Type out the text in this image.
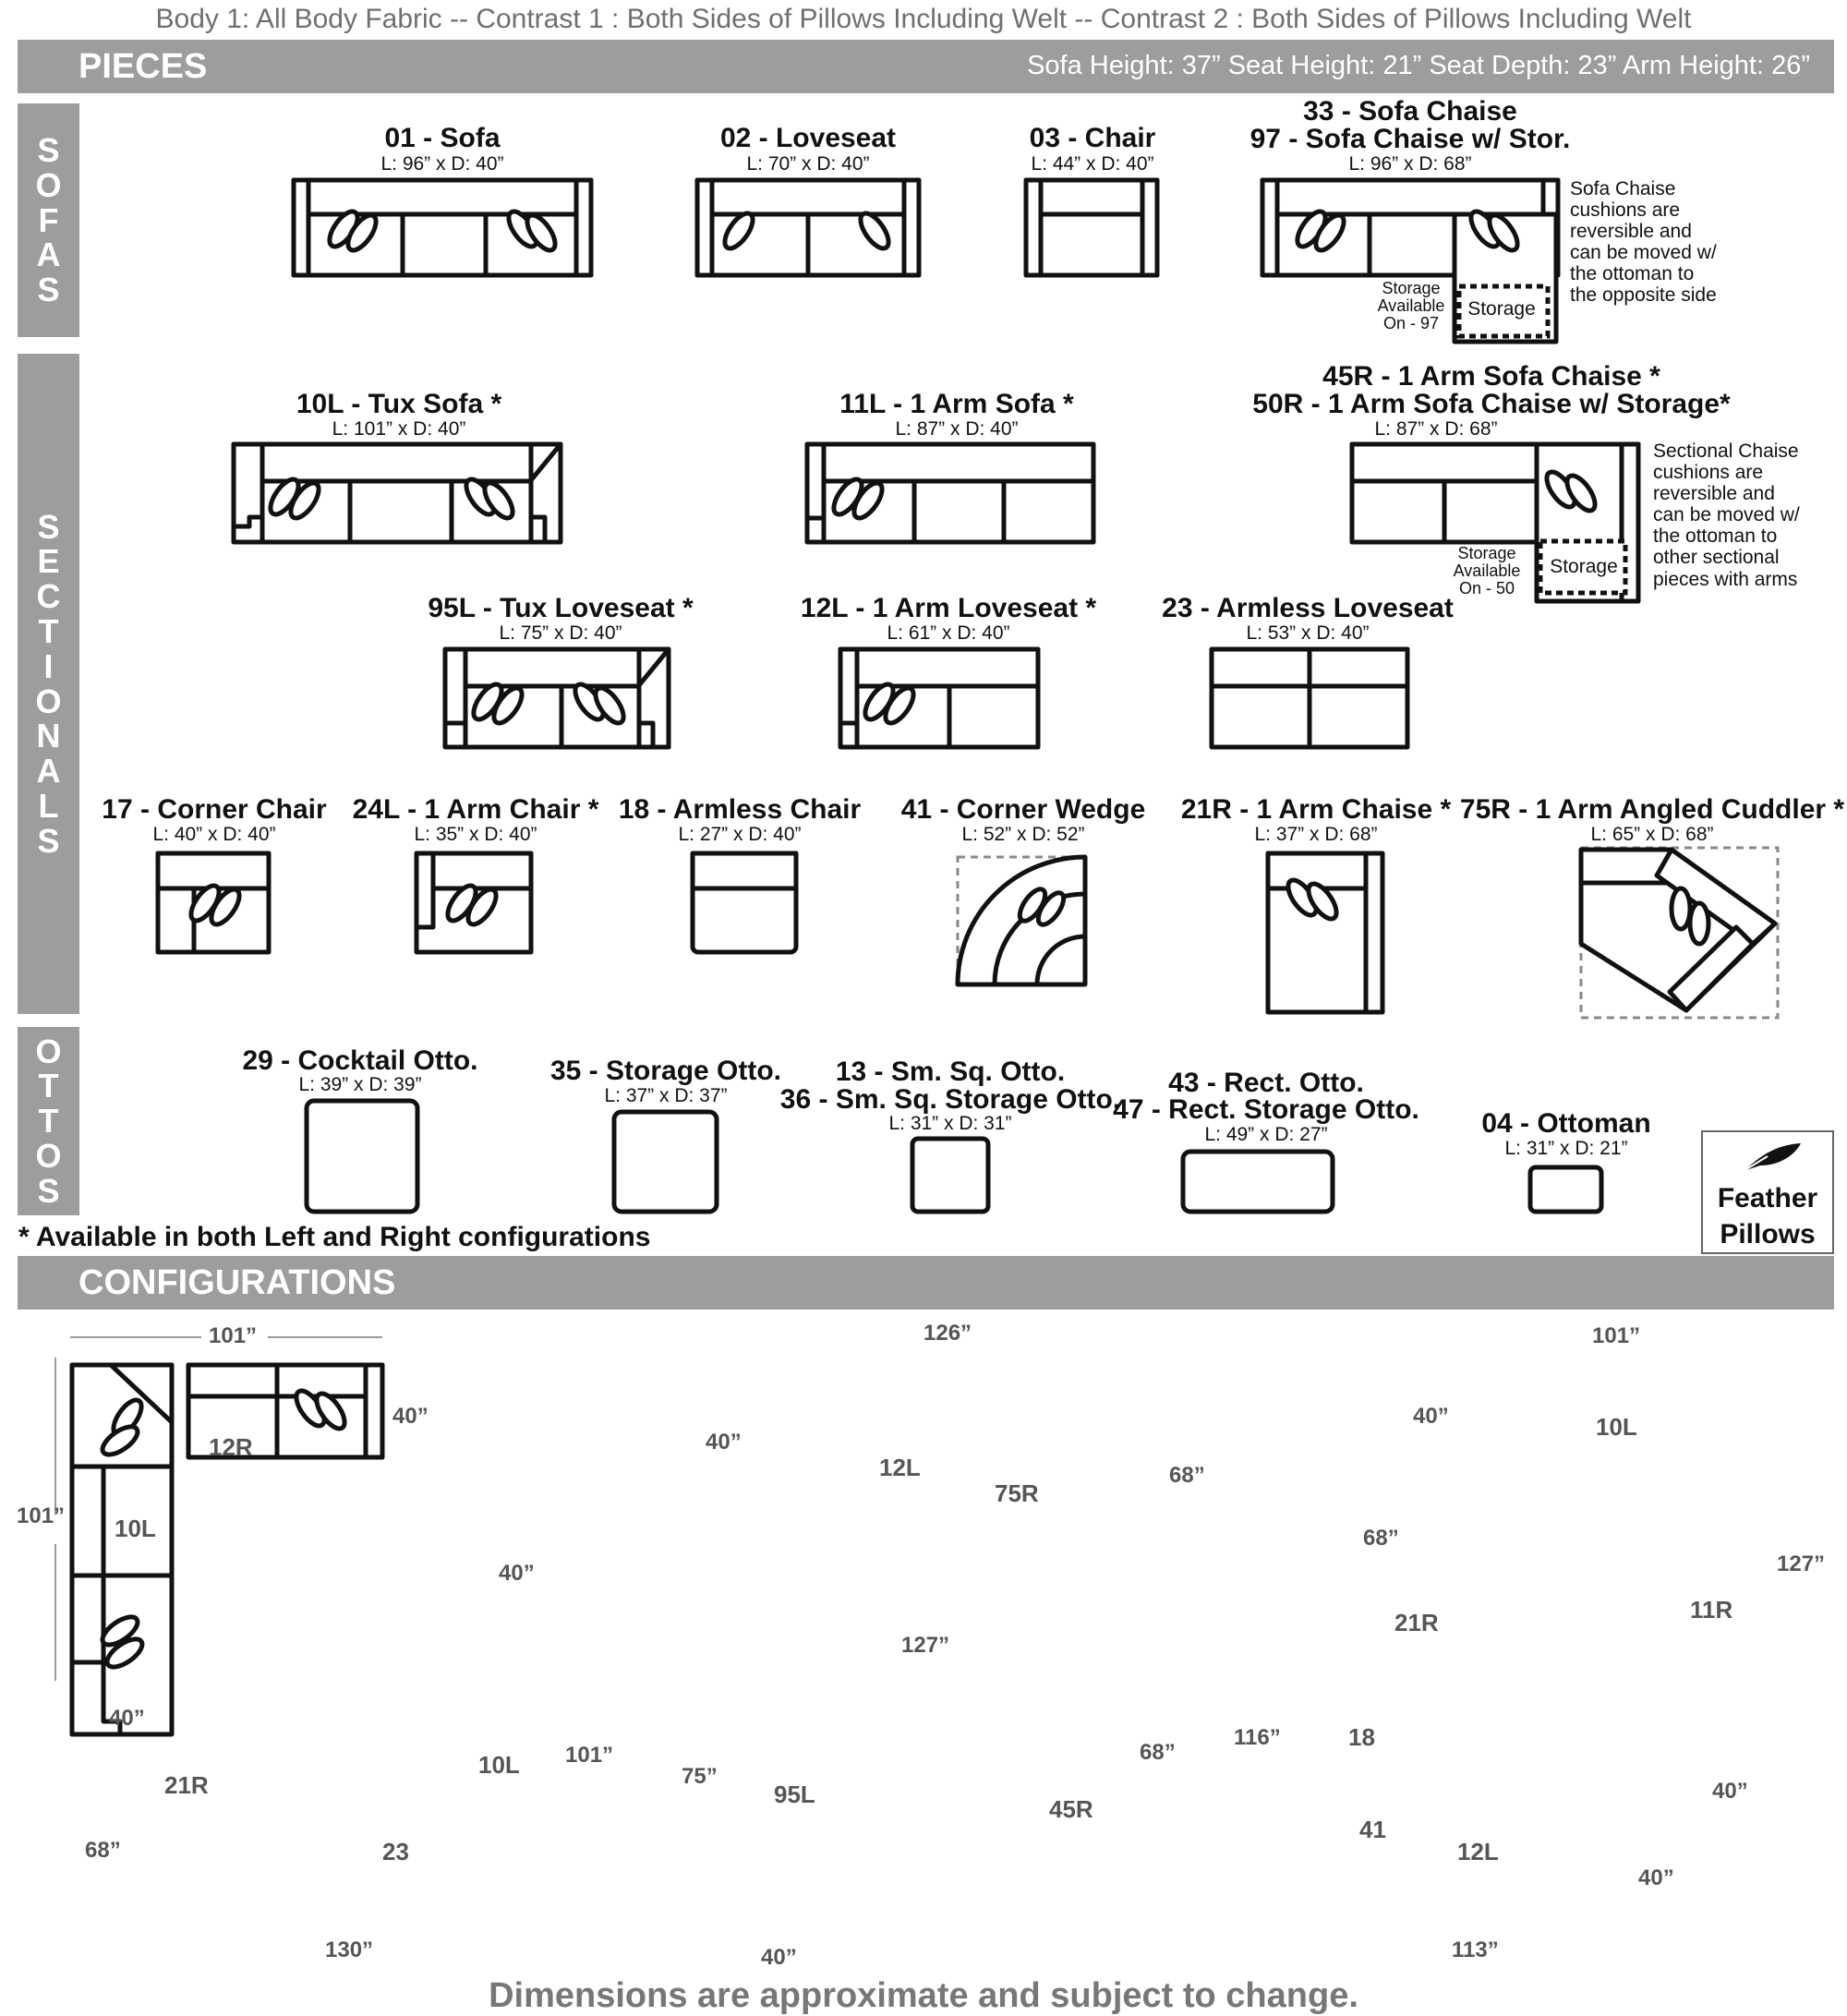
Body 1: All Body Fabric -- Contrast 1 : Both Sides of Pillows Including Welt -- Contrast 2 : Both Sides of Pillows Including Welt
PIECES	Sofa Height: 37” Seat Height: 21” Seat Depth: 23” Arm Height: 26”
S
O
F
A
S
S
E
C
T
I
O
N
A
L
S
O
T
T
O
S
01 - Sofa
L: 96” x D: 40”
02 - Loveseat
L: 70” x D: 40”
03 - Chair
L: 44” x D: 40”
33 - Sofa Chaise
97 - Sofa Chaise w/ Stor.
L: 96” x D: 68”
Sofa Chaise cushions are reversible and can be moved w/ the ottoman to the opposite side
Storage Available On - 97
10L - Tux Sofa *
L: 101” x D: 40”
11L - 1 Arm Sofa *
L: 87” x D: 40”
45R - 1 Arm Sofa Chaise *
50R - 1 Arm Sofa Chaise w/ Storage*
L: 87” x D: 68”
Sectional Chaise cushions are reversible and can be moved w/ the ottoman to other sectional pieces with arms
Storage Available On - 50
95L - Tux Loveseat *
L: 75” x D: 40”
12L - 1 Arm Loveseat *
L: 61” x D: 40”
23 - Armless Loveseat
L: 53” x D: 40”
17 - Corner Chair
L: 40” x D: 40”
24L - 1 Arm Chair *
L: 35” x D: 40”
18 - Armless Chair
L: 27” x D: 40”
41 - Corner Wedge
L: 52” x D: 52”
21R - 1 Arm Chaise *
L: 37” x D: 68”
75R - 1 Arm Angled Cuddler *
L: 65” x D: 68”
29 - Cocktail Otto.
L: 39” x D: 39”	35 - Storage Otto.
L: 37” x D: 37”
13 - Sm. Sq. Otto.
36 - Sm. Sq. Storage Otto.
L: 31” x D: 31”
43 - Rect. Otto.
47 - Rect. Storage Otto.
L: 49” x D: 27”	04 - Ottoman
L: 31” x D: 21”
* Available in both Left and Right configurations
Feather
Pillows
CONFIGURATIONS
Storage
Storage
101”
40”
101”
40”
12R
10L
126”
40”
68”
12L
75R
101”
40”
127”
40”
10L
11R
40”
101”
68”
130”
21R
23
10L
127”
75”
68”
40”
95L
45R
68”
116”
40”
113”
21R
18
41
12L
Dimensions are approximate and subject to change.
